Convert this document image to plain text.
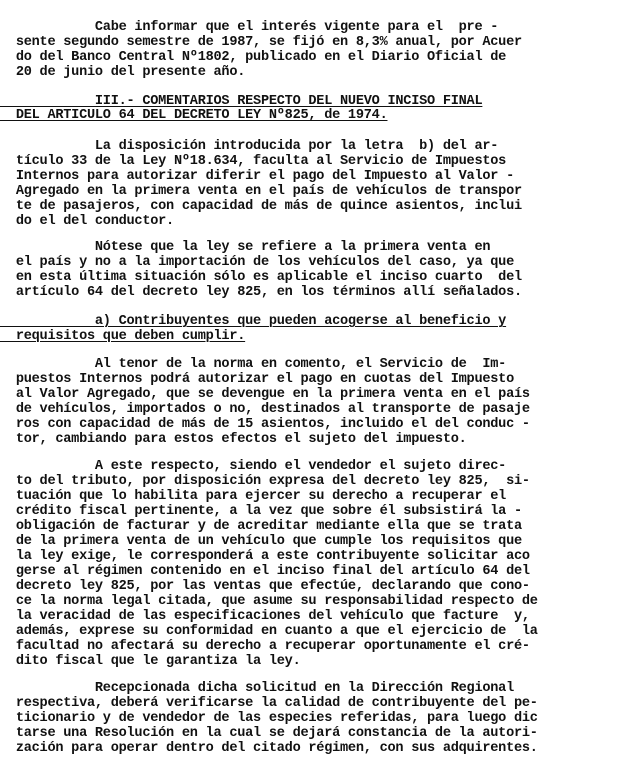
Cabe informar que el interés vigente para el  pre -
sente segundo semestre de 1987, se fijó en 8,3% anual, por Acuer
do del Banco Central Nº1802, publicado en el Diario Oficial de
20 de junio del presente año.
III.- COMENTARIOS RESPECTO DEL NUEVO INCISO FINAL
DEL ARTICULO 64 DEL DECRETO LEY Nº825, de 1974.
La disposición introducida por la letra  b) del ar-
tículo 33 de la Ley Nº18.634, faculta al Servicio de Impuestos
Internos para autorizar diferir el pago del Impuesto al Valor -
Agregado en la primera venta en el país de vehículos de transpor
te de pasajeros, con capacidad de más de quince asientos, inclui
do el del conductor.
Nótese que la ley se refiere a la primera venta en
el país y no a la importación de los vehículos del caso, ya que
en esta última situación sólo es aplicable el inciso cuarto  del
artículo 64 del decreto ley 825, en los términos allí señalados.
a) Contribuyentes que pueden acogerse al beneficio y
requisitos que deben cumplir.
Al tenor de la norma en comento, el Servicio de  Im-
puestos Internos podrá autorizar el pago en cuotas del Impuesto
al Valor Agregado, que se devengue en la primera venta en el país
de vehículos, importados o no, destinados al transporte de pasaje
ros con capacidad de más de 15 asientos, incluido el del conduc -
tor, cambiando para estos efectos el sujeto del impuesto.
A este respecto, siendo el vendedor el sujeto direc-
to del tributo, por disposición expresa del decreto ley 825,  si-
tuación que lo habilita para ejercer su derecho a recuperar el
crédito fiscal pertinente, a la vez que sobre él subsistirá la -
obligación de facturar y de acreditar mediante ella que se trata
de la primera venta de un vehículo que cumple los requisitos que
la ley exige, le corresponderá a este contribuyente solicitar aco
gerse al régimen contenido en el inciso final del artículo 64 del
decreto ley 825, por las ventas que efectúe, declarando que cono-
ce la norma legal citada, que asume su responsabilidad respecto de
la veracidad de las especificaciones del vehículo que facture  y,
además, exprese su conformidad en cuanto a que el ejercicio de  la
facultad no afectará su derecho a recuperar oportunamente el cré-
dito fiscal que le garantiza la ley.
Recepcionada dicha solicitud en la Dirección Regional
respectiva, deberá verificarse la calidad de contribuyente del pe-
ticionario y de vendedor de las especies referidas, para luego dic
tarse una Resolución en la cual se dejará constancia de la autori-
zación para operar dentro del citado régimen, con sus adquirentes.
